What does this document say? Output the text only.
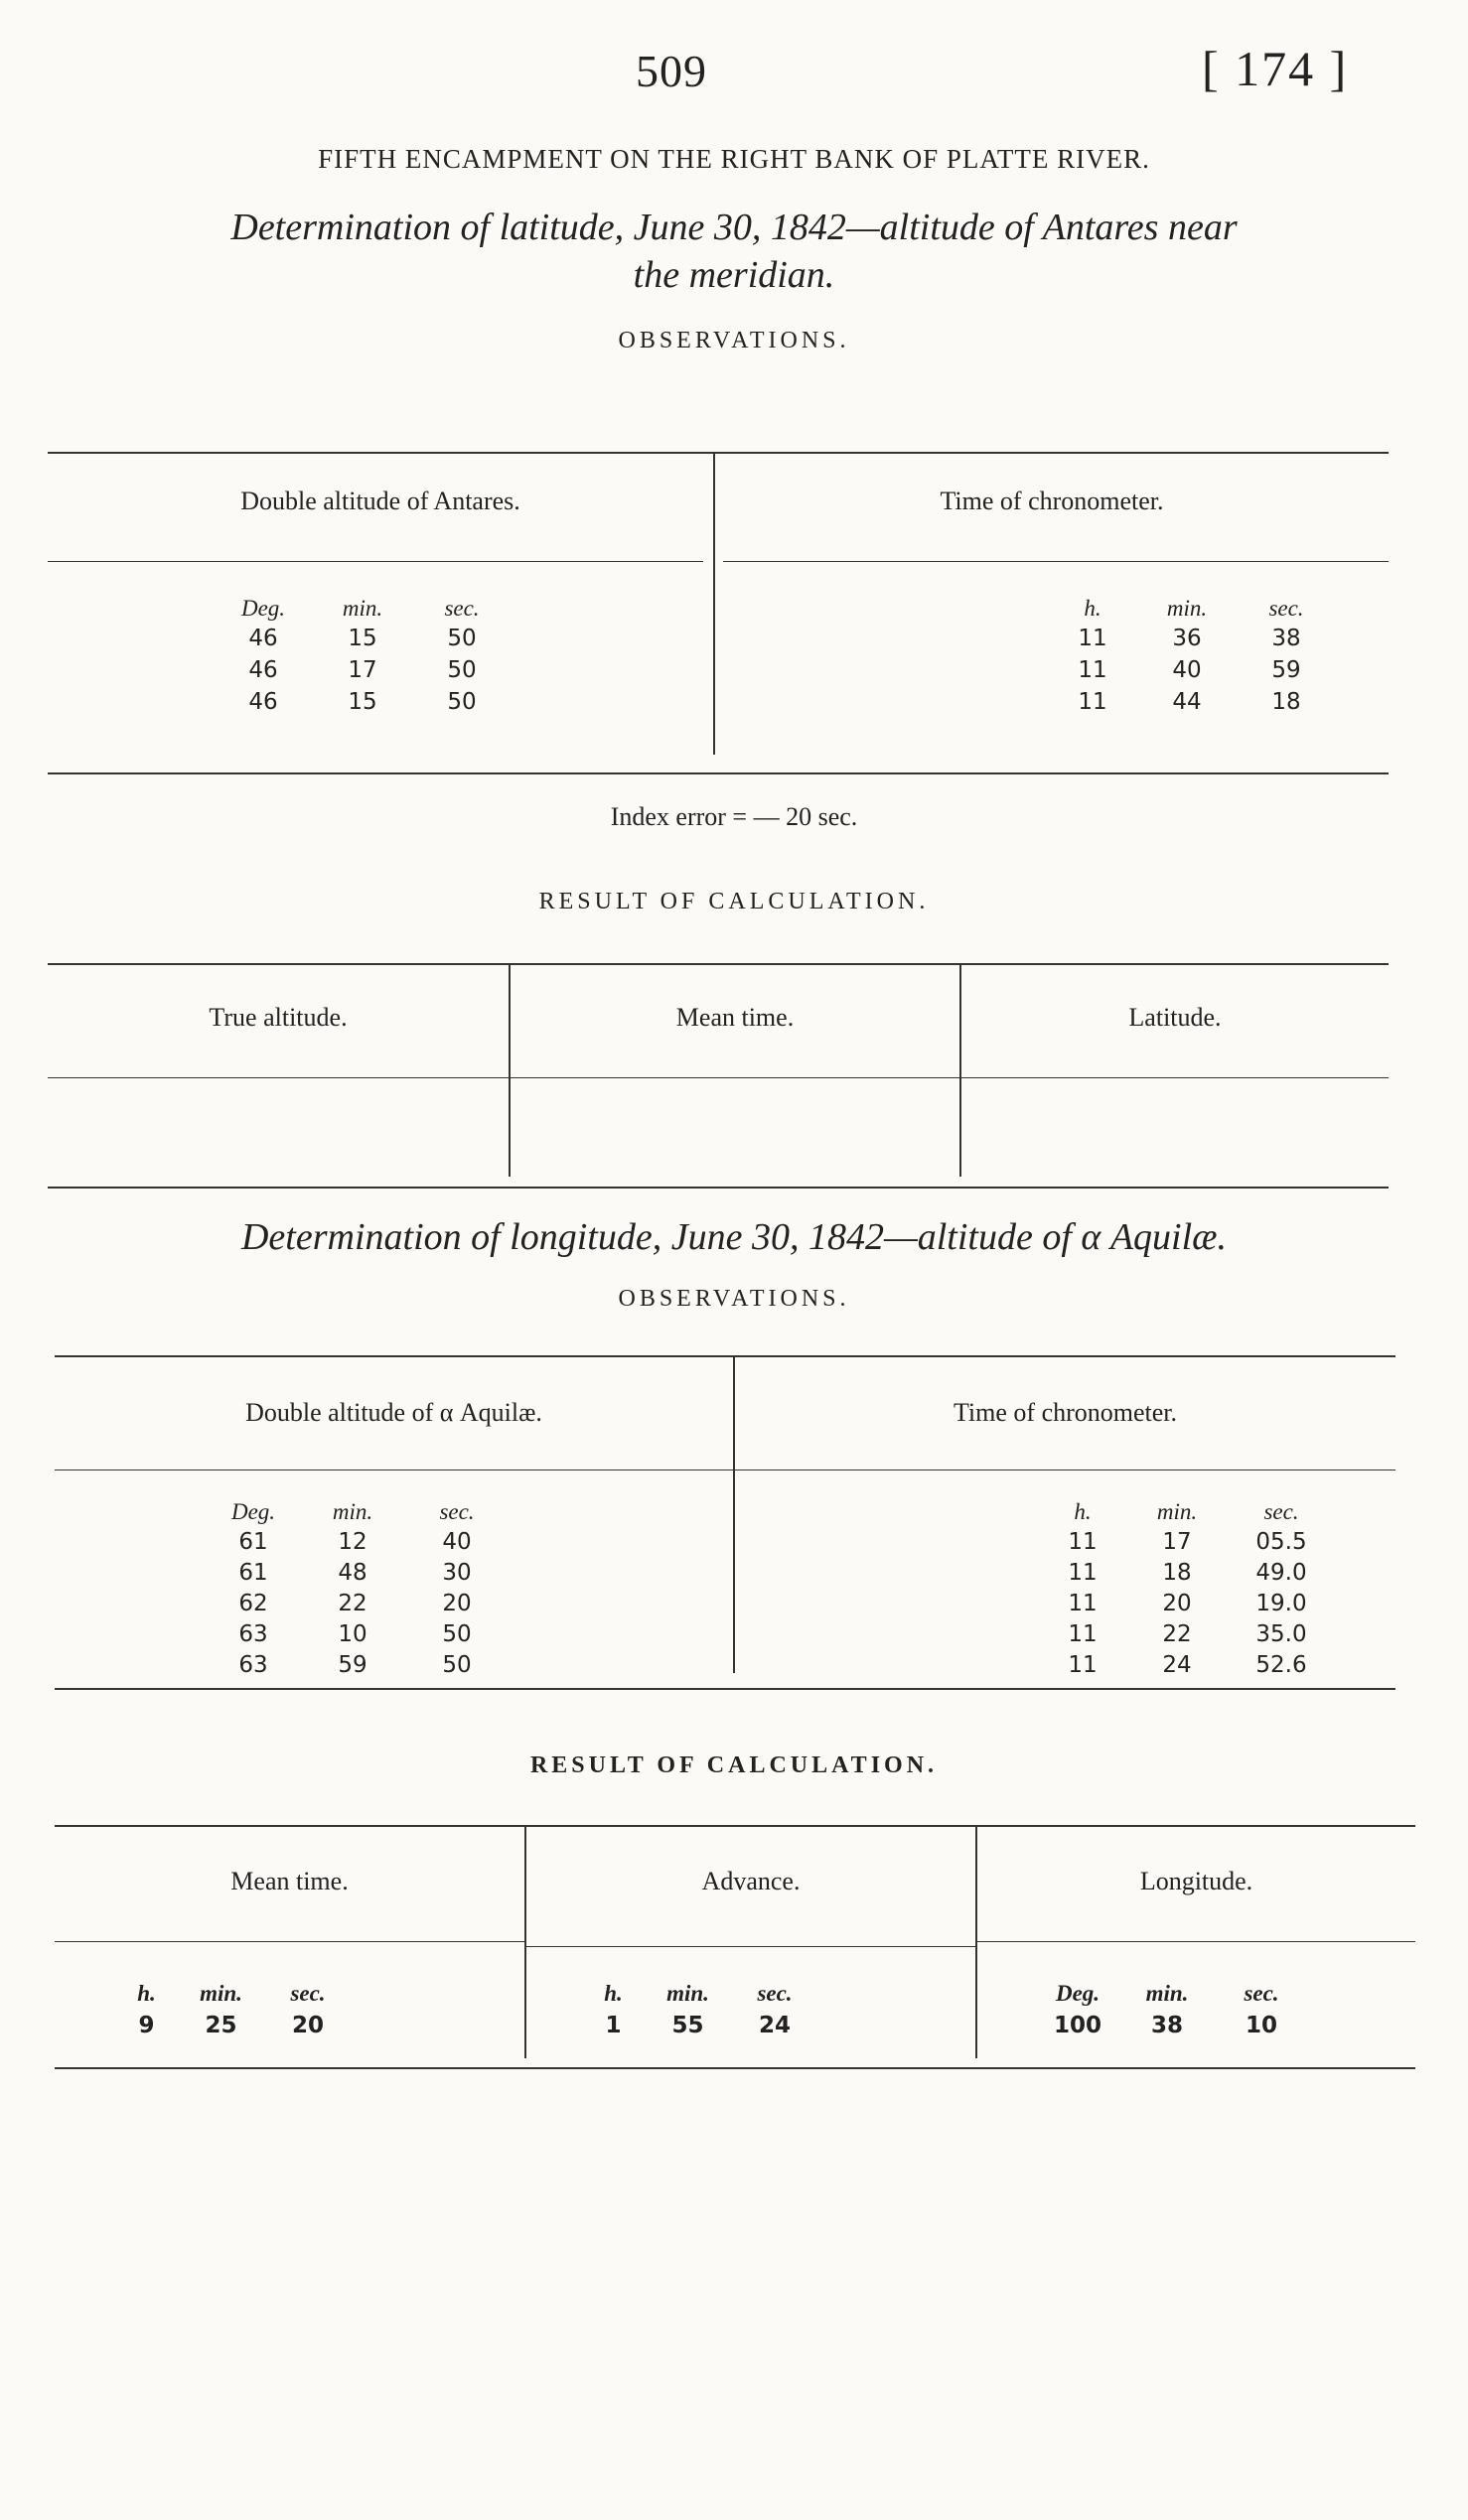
509	[ 174 ]
FIFTH ENCAMPMENT ON THE RIGHT BANK OF PLATTE RIVER.
Determination of latitude, June 30, 1842—altitude of Antares near
the meridian.
OBSERVATIONS.
Double altitude of Antares.	Time of chronometer.
Deg.	min.	sec.	h.	min.	sec.
46	15	50	11	36	38
46	17	50	11	40	59
46	15	50	11	44	18
Index error = — 20 sec.
RESULT OF CALCULATION.
True altitude.	Mean time.	Latitude.
Determination of longitude, June 30, 1842—altitude of α Aquilæ.
OBSERVATIONS.
Double altitude of α Aquilæ.	Time of chronometer.
Deg.	min.	sec.	h.	min.	sec.
61	12	40	11	17	05.5
61	48	30	11	18	49.0
62	22	20	11	20	19.0
63	10	50	11	22	35.0
63	59	50	11	24	52.6
RESULT OF CALCULATION.
Mean time.	Advance.	Longitude.
h.	min.	sec.	h.	min.	sec.	Deg.	min.	sec.
9	25	20	1	55	24	100	38	10
